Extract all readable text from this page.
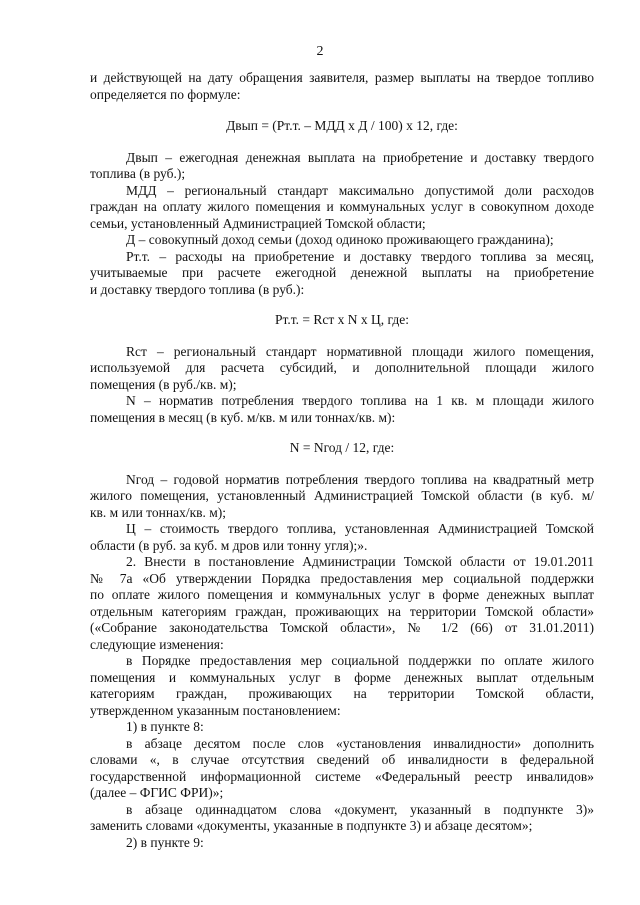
2
и действующей на дату обращения заявителя, размер выплаты на твердое топливо
определяется по формуле:
Двып = (Рт.т. – МДД х Д / 100) х 12, где:
Двып – ежегодная денежная выплата на приобретение и доставку твердого
топлива (в руб.);
МДД – региональный стандарт максимально допустимой доли расходов
граждан на оплату жилого помещения и коммунальных услуг в совокупном доходе
семьи, установленный Администрацией Томской области;
Д – совокупный доход семьи (доход одиноко проживающего гражданина);
Рт.т. – расходы на приобретение и доставку твердого топлива за месяц,
учитываемые при расчете ежегодной денежной выплаты на приобретение
и доставку твердого топлива (в руб.):
Рт.т. = Rст х N х Ц, где:
Rст – региональный стандарт нормативной площади жилого помещения,
используемой для расчета субсидий, и дополнительной площади жилого
помещения (в руб./кв. м);
N – норматив потребления твердого топлива на 1 кв. м площади жилого
помещения в месяц (в куб. м/кв. м или тоннах/кв. м):
N = Nгод / 12, где:
Nгод – годовой норматив потребления твердого топлива на квадратный метр
жилого помещения, установленный Администрацией Томской области (в куб. м/
кв. м или тоннах/кв. м);
Ц – стоимость твердого топлива, установленная Администрацией Томской
области (в руб. за куб. м дров или тонну угля);».
2. Внести в постановление Администрации Томской области от 19.01.2011
№ 7а «Об утверждении Порядка предоставления мер социальной поддержки
по оплате жилого помещения и коммунальных услуг в форме денежных выплат
отдельным категориям граждан, проживающих на территории Томской области»
(«Собрание законодательства Томской области», № 1/2 (66) от 31.01.2011)
следующие изменения:
в Порядке предоставления мер социальной поддержки по оплате жилого
помещения и коммунальных услуг в форме денежных выплат отдельным
категориям граждан, проживающих на территории Томской области,
утвержденном указанным постановлением:
1) в пункте 8:
в абзаце десятом после слов «установления инвалидности» дополнить
словами «, в случае отсутствия сведений об инвалидности в федеральной
государственной информационной системе «Федеральный реестр инвалидов»
(далее – ФГИС ФРИ)»;
в абзаце одиннадцатом слова «документ, указанный в подпункте 3)»
заменить словами «документы, указанные в подпункте 3) и абзаце десятом»;
2) в пункте 9:
